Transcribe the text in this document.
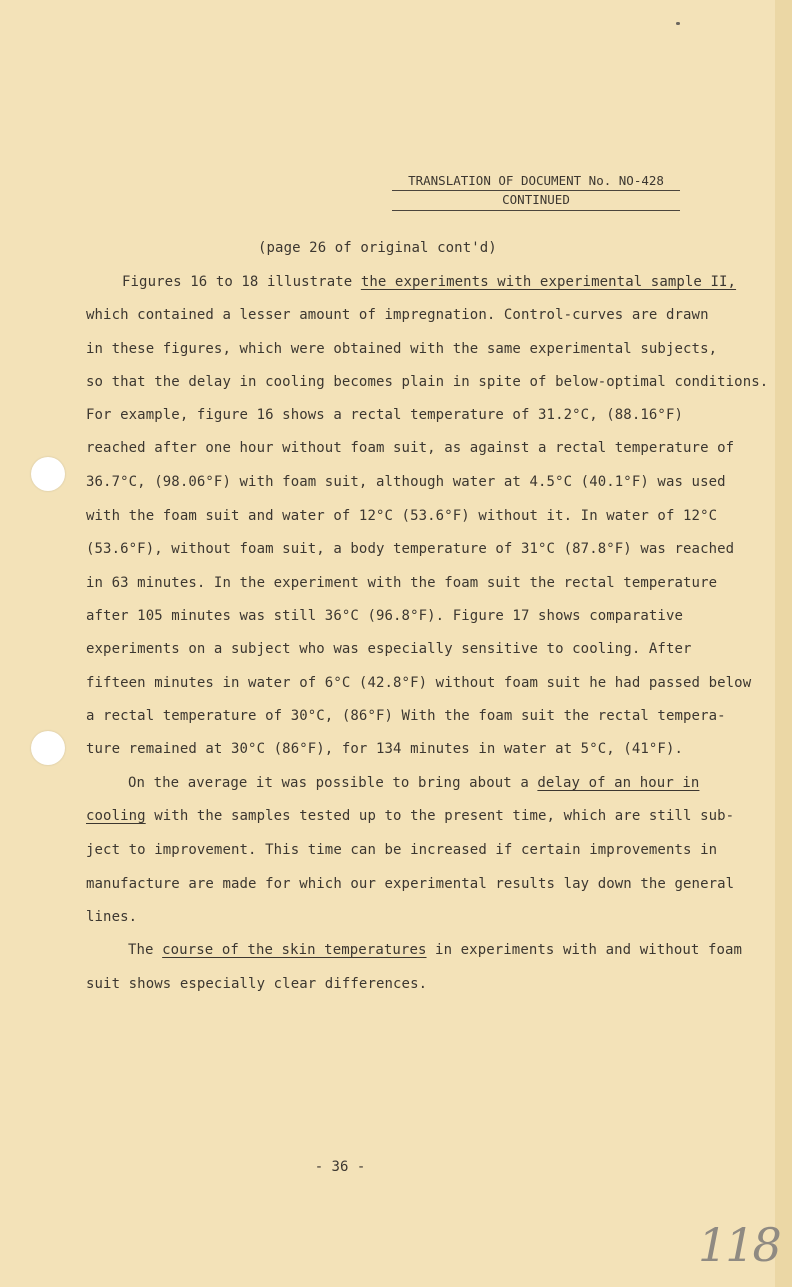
TRANSLATION OF DOCUMENT No. NO-428
CONTINUED
(page 26 of original cont'd)
Figures 16 to 18 illustrate the experiments with experimental sample II,
which contained a lesser amount of impregnation. Control-curves are drawn
in these figures, which were obtained with the same experimental subjects,
so that the delay in cooling becomes plain in spite of below-optimal conditions.
For example, figure 16 shows a rectal temperature of 31.2°C, (88.16°F)
reached after one hour without foam suit, as against a rectal temperature of
36.7°C, (98.06°F) with foam suit, although water at 4.5°C (40.1°F) was used
with the foam suit and water of 12°C (53.6°F) without it. In water of 12°C
(53.6°F), without foam suit, a body temperature of 31°C (87.8°F) was reached
in 63 minutes. In the experiment with the foam suit the rectal temperature
after 105 minutes was still 36°C (96.8°F). Figure 17 shows comparative
experiments on a subject who was especially sensitive to cooling. After
fifteen minutes in water of 6°C (42.8°F) without foam suit he had passed below
a rectal temperature of 30°C, (86°F) With the foam suit the rectal tempera-
ture remained at 30°C (86°F), for 134 minutes in water at 5°C, (41°F).
On the average it was possible to bring about a delay of an hour in
cooling with the samples tested up to the present time, which are still sub-
ject to improvement. This time can be increased if certain improvements in
manufacture are made for which our experimental results lay down the general
lines.
The course of the skin temperatures in experiments with and without foam
suit shows especially clear differences.
- 36 -
118
